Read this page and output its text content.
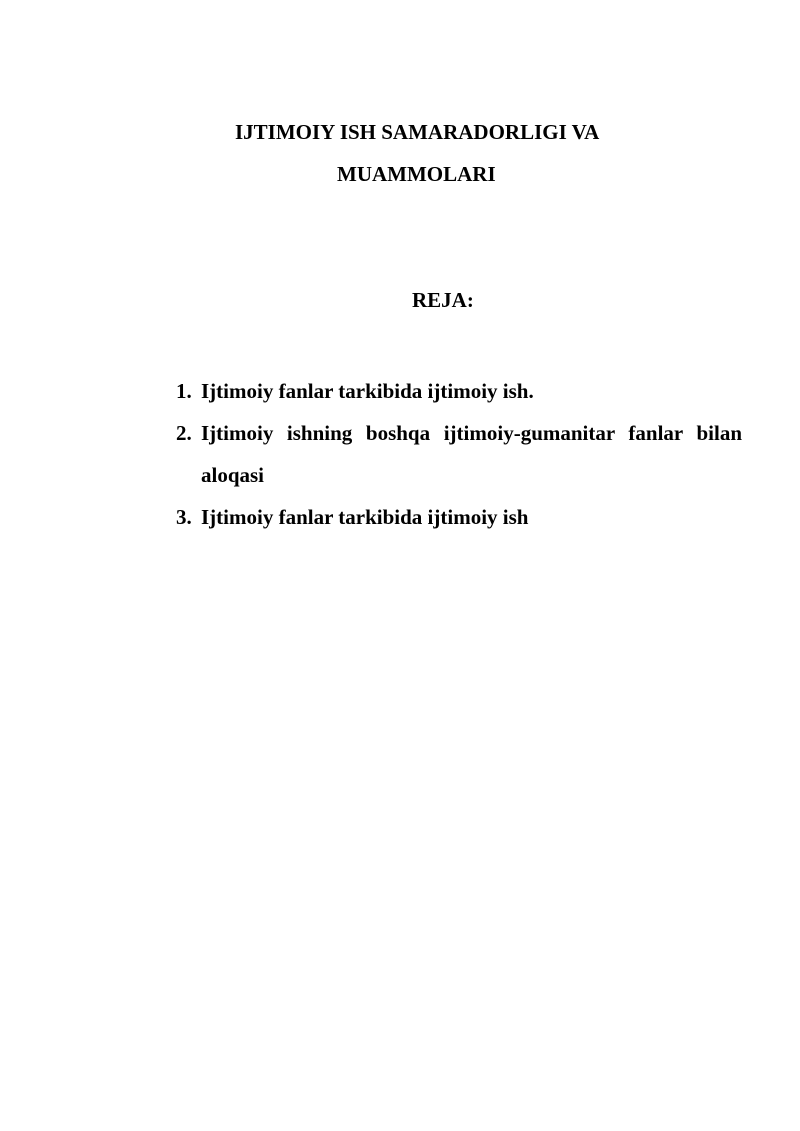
IJTIMOIY ISH SAMARADORLIGI VA
MUAMMOLARI
REJA:
1. Ijtimoiy fanlar tarkibida ijtimoiy ish.
2. Ijtimoiy ishning boshqa ijtimoiy-gumanitar fanlar bilan aloqasi
3. Ijtimoiy fanlar tarkibida ijtimoiy ish
